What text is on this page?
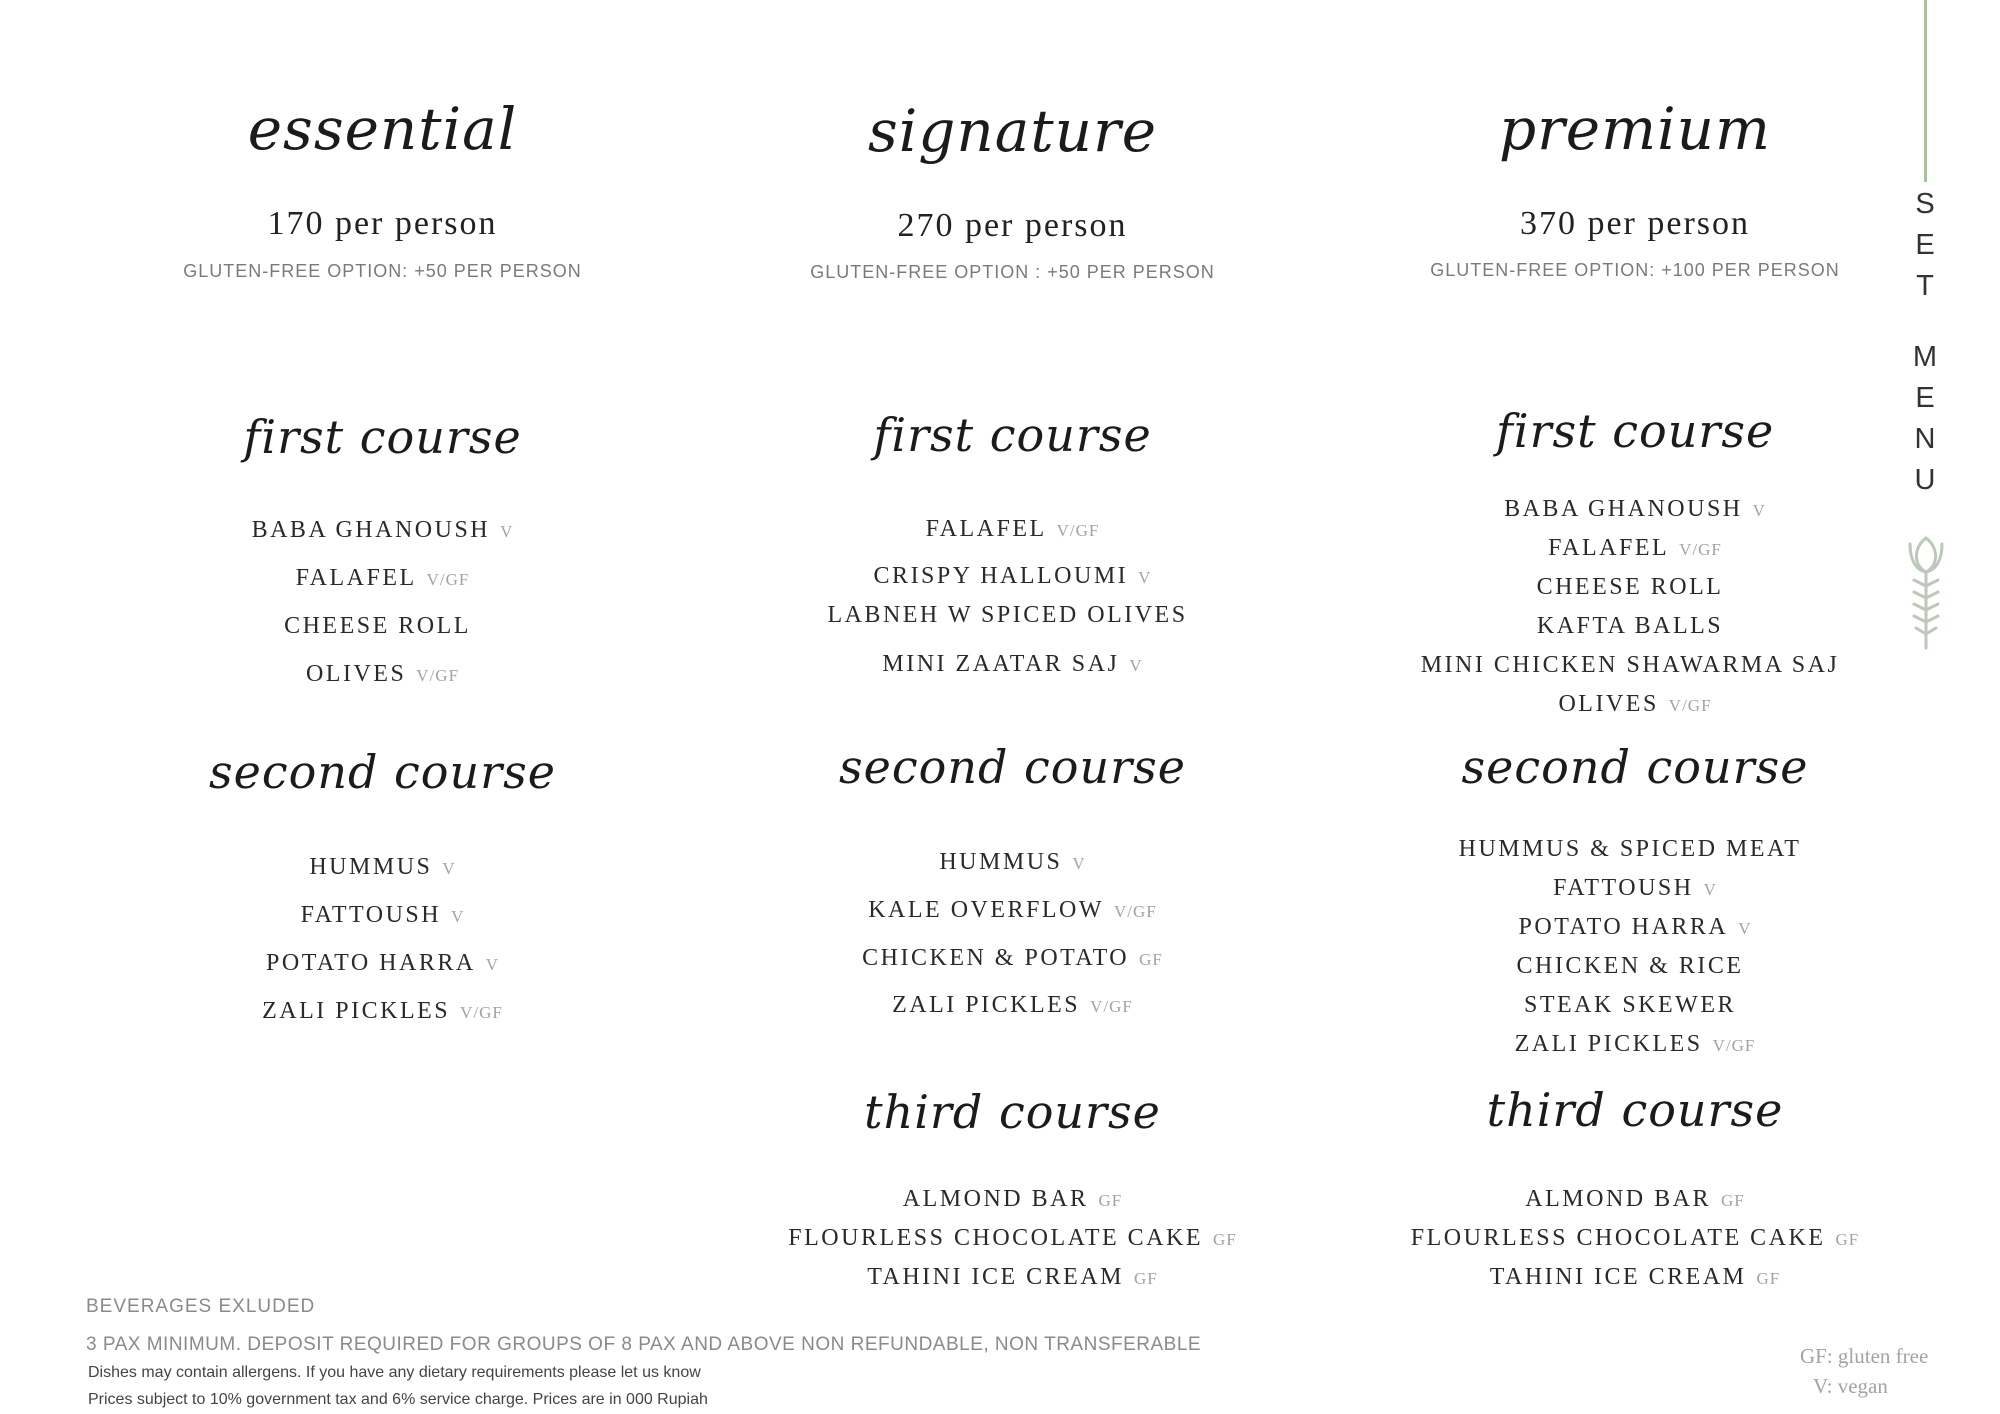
essential
170 per person
GLUTEN-FREE OPTION: +50 PER PERSON
first course
BABA GHANOUSH V
FALAFEL V/GF
CHEESE ROLL
OLIVES V/GF
second course
HUMMUS V
FATTOUSH V
POTATO HARRA V
ZALI PICKLES V/GF
signature
270 per person
GLUTEN-FREE OPTION : +50 PER PERSON
first course
FALAFEL V/GF
CRISPY HALLOUMI V
LABNEH W SPICED OLIVES
MINI ZAATAR SAJ V
second course
HUMMUS V
KALE OVERFLOW V/GF
CHICKEN & POTATO GF
ZALI PICKLES V/GF
third course
ALMOND BAR GF
FLOURLESS CHOCOLATE CAKE GF
TAHINI ICE CREAM GF
premium
370 per person
GLUTEN-FREE OPTION: +100 PER PERSON
first course
BABA GHANOUSH V
FALAFEL V/GF
CHEESE ROLL
KAFTA BALLS
MINI CHICKEN SHAWARMA SAJ
OLIVES V/GF
second course
HUMMUS & SPICED MEAT
FATTOUSH V
POTATO HARRA V
CHICKEN & RICE
STEAK SKEWER
ZALI PICKLES V/GF
third course
ALMOND BAR GF
FLOURLESS CHOCOLATE CAKE GF
TAHINI ICE CREAM GF
S
E
T
M
E
N
U
BEVERAGES EXLUDED
3 PAX MINIMUM. DEPOSIT REQUIRED FOR GROUPS OF 8 PAX AND ABOVE NON REFUNDABLE, NON TRANSFERABLE
Dishes may contain allergens. If you have any dietary requirements please let us know
Prices subject to 10% government tax and 6% service charge. Prices are in 000 Rupiah
GF: gluten free
V: vegan
